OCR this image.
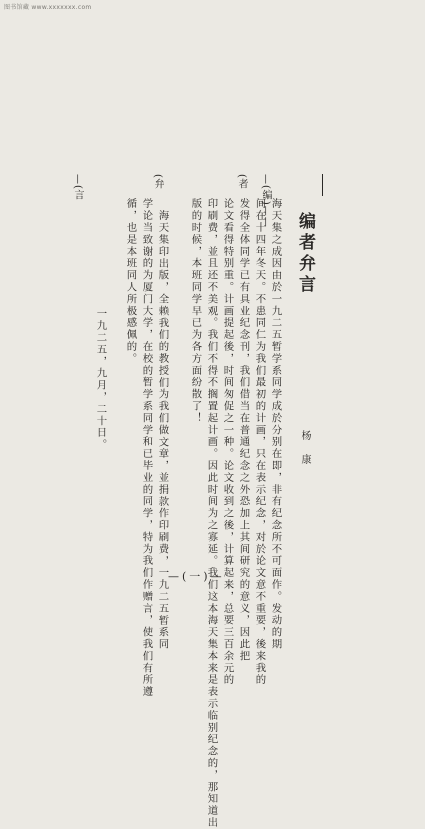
图书馆藏 www.xxxxxxx.com
—(编)——
(者
(弁
—(言
编者弁言
杨康
海天集之成因由於一九二五暂学系同学成於分别在即，非有纪念所不可面作。发动的期
间在十四年冬天。不患同仁为我们最初的计画，只在表示纪念，对於论文意不重要，後来我的
发得全体同学已有具业纪念刊，我们借当在普通纪念之外恐加上其间研究的意义，因此把
论文看得特别重。计画提起後，时间匆促之一种。论文收到之後，计算起来，总要三百余元的
印刷费，並且还不美观。我们不得不搁置起计画。因此时间为之寡延。我们这本海天集本来是表示临别纪念的，那知道出
版的时候，本班同学早已为各方面纷散了！
海天集印出版，全赖我们的教授们为我们做文章，並捐款作印刷费，一九二五暂系同
学论当致谢的为厦门大学，在校的暂学系同学和已毕业的同学，特为我们作赠言，使我们有所遵
循，也是本班同人所极感佩的。
一九二五，九月，二十日。
—(一)—
